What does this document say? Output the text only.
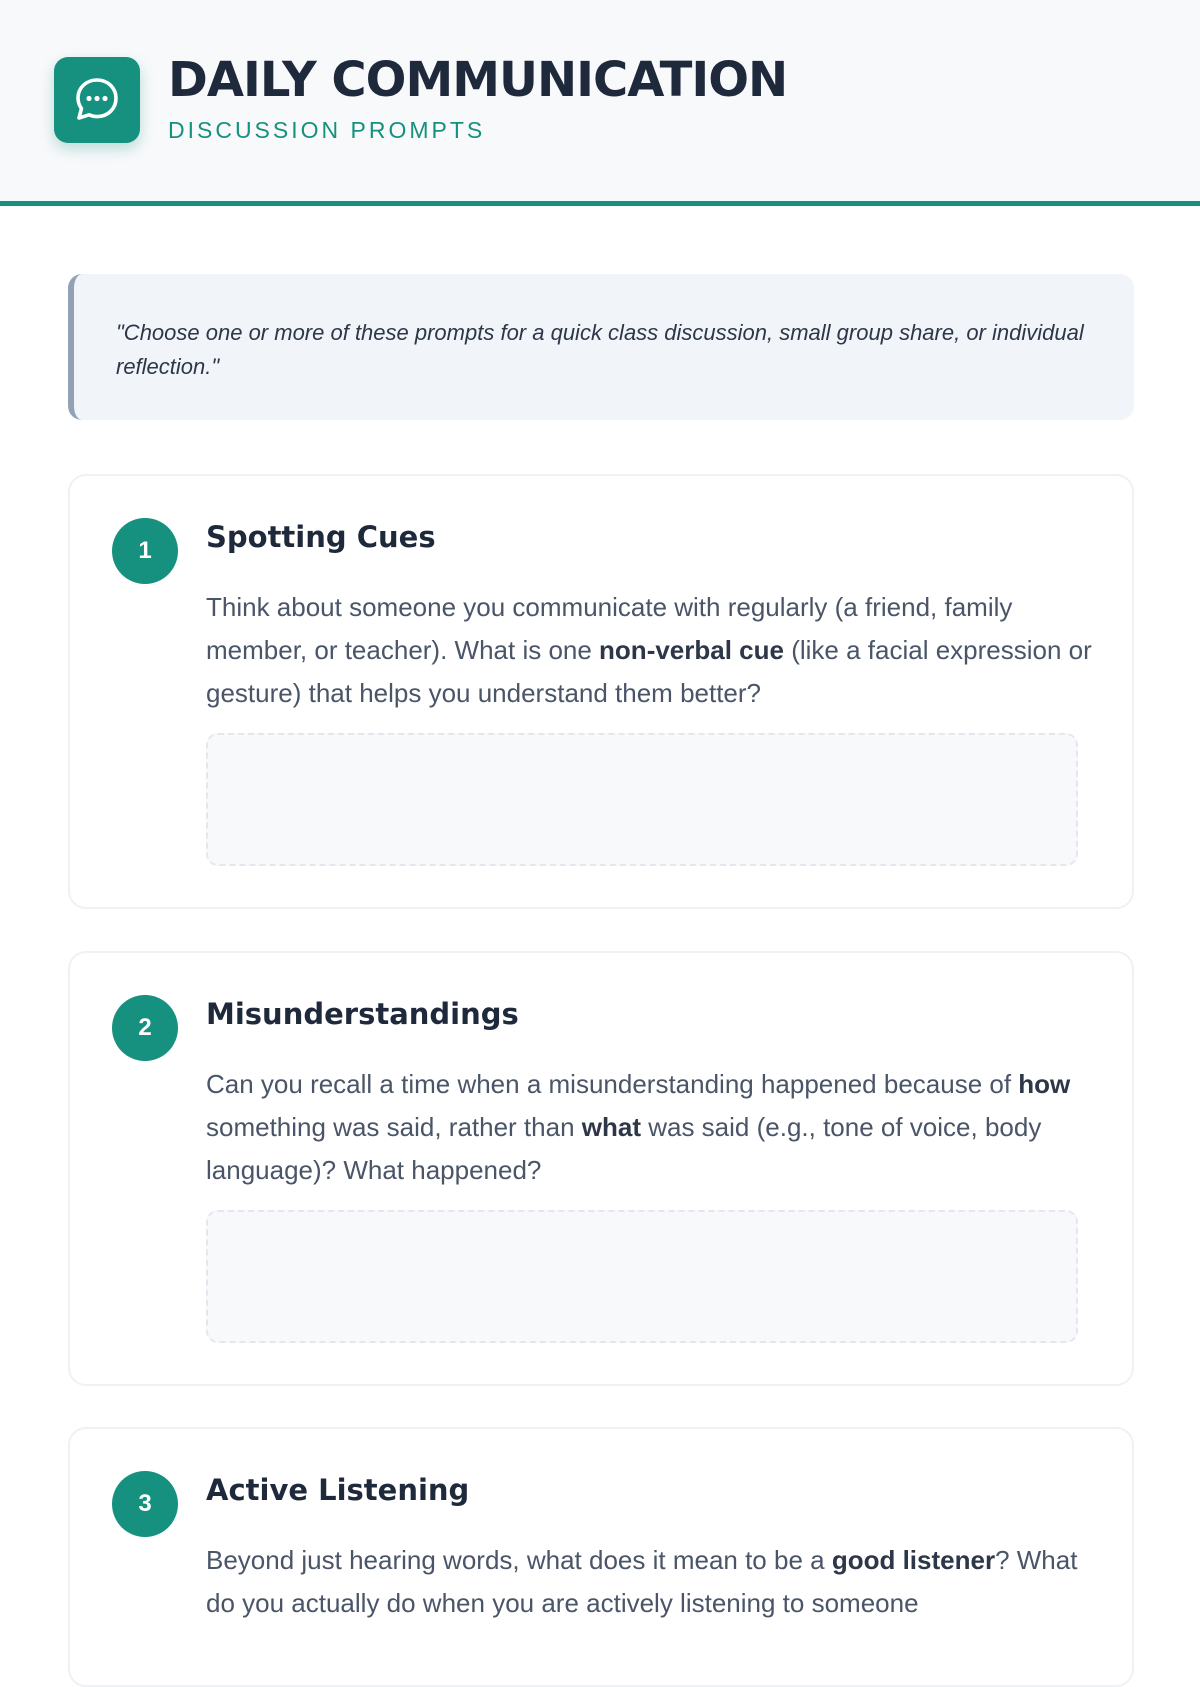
DAILY COMMUNICATION
DISCUSSION PROMPTS
"Choose one or more of these prompts for a quick class discussion, small group share, or individual reflection."
1	Spotting Cues
Think about someone you communicate with regularly (a friend, family member, or teacher). What is one non-verbal cue (like a facial expression or gesture) that helps you understand them better?
2	Misunderstandings
Can you recall a time when a misunderstanding happened because of how something was said, rather than what was said (e.g., tone of voice, body language)? What happened?
3	Active Listening
Beyond just hearing words, what does it mean to be a good listener? What do you actually do when you are actively listening to someone
